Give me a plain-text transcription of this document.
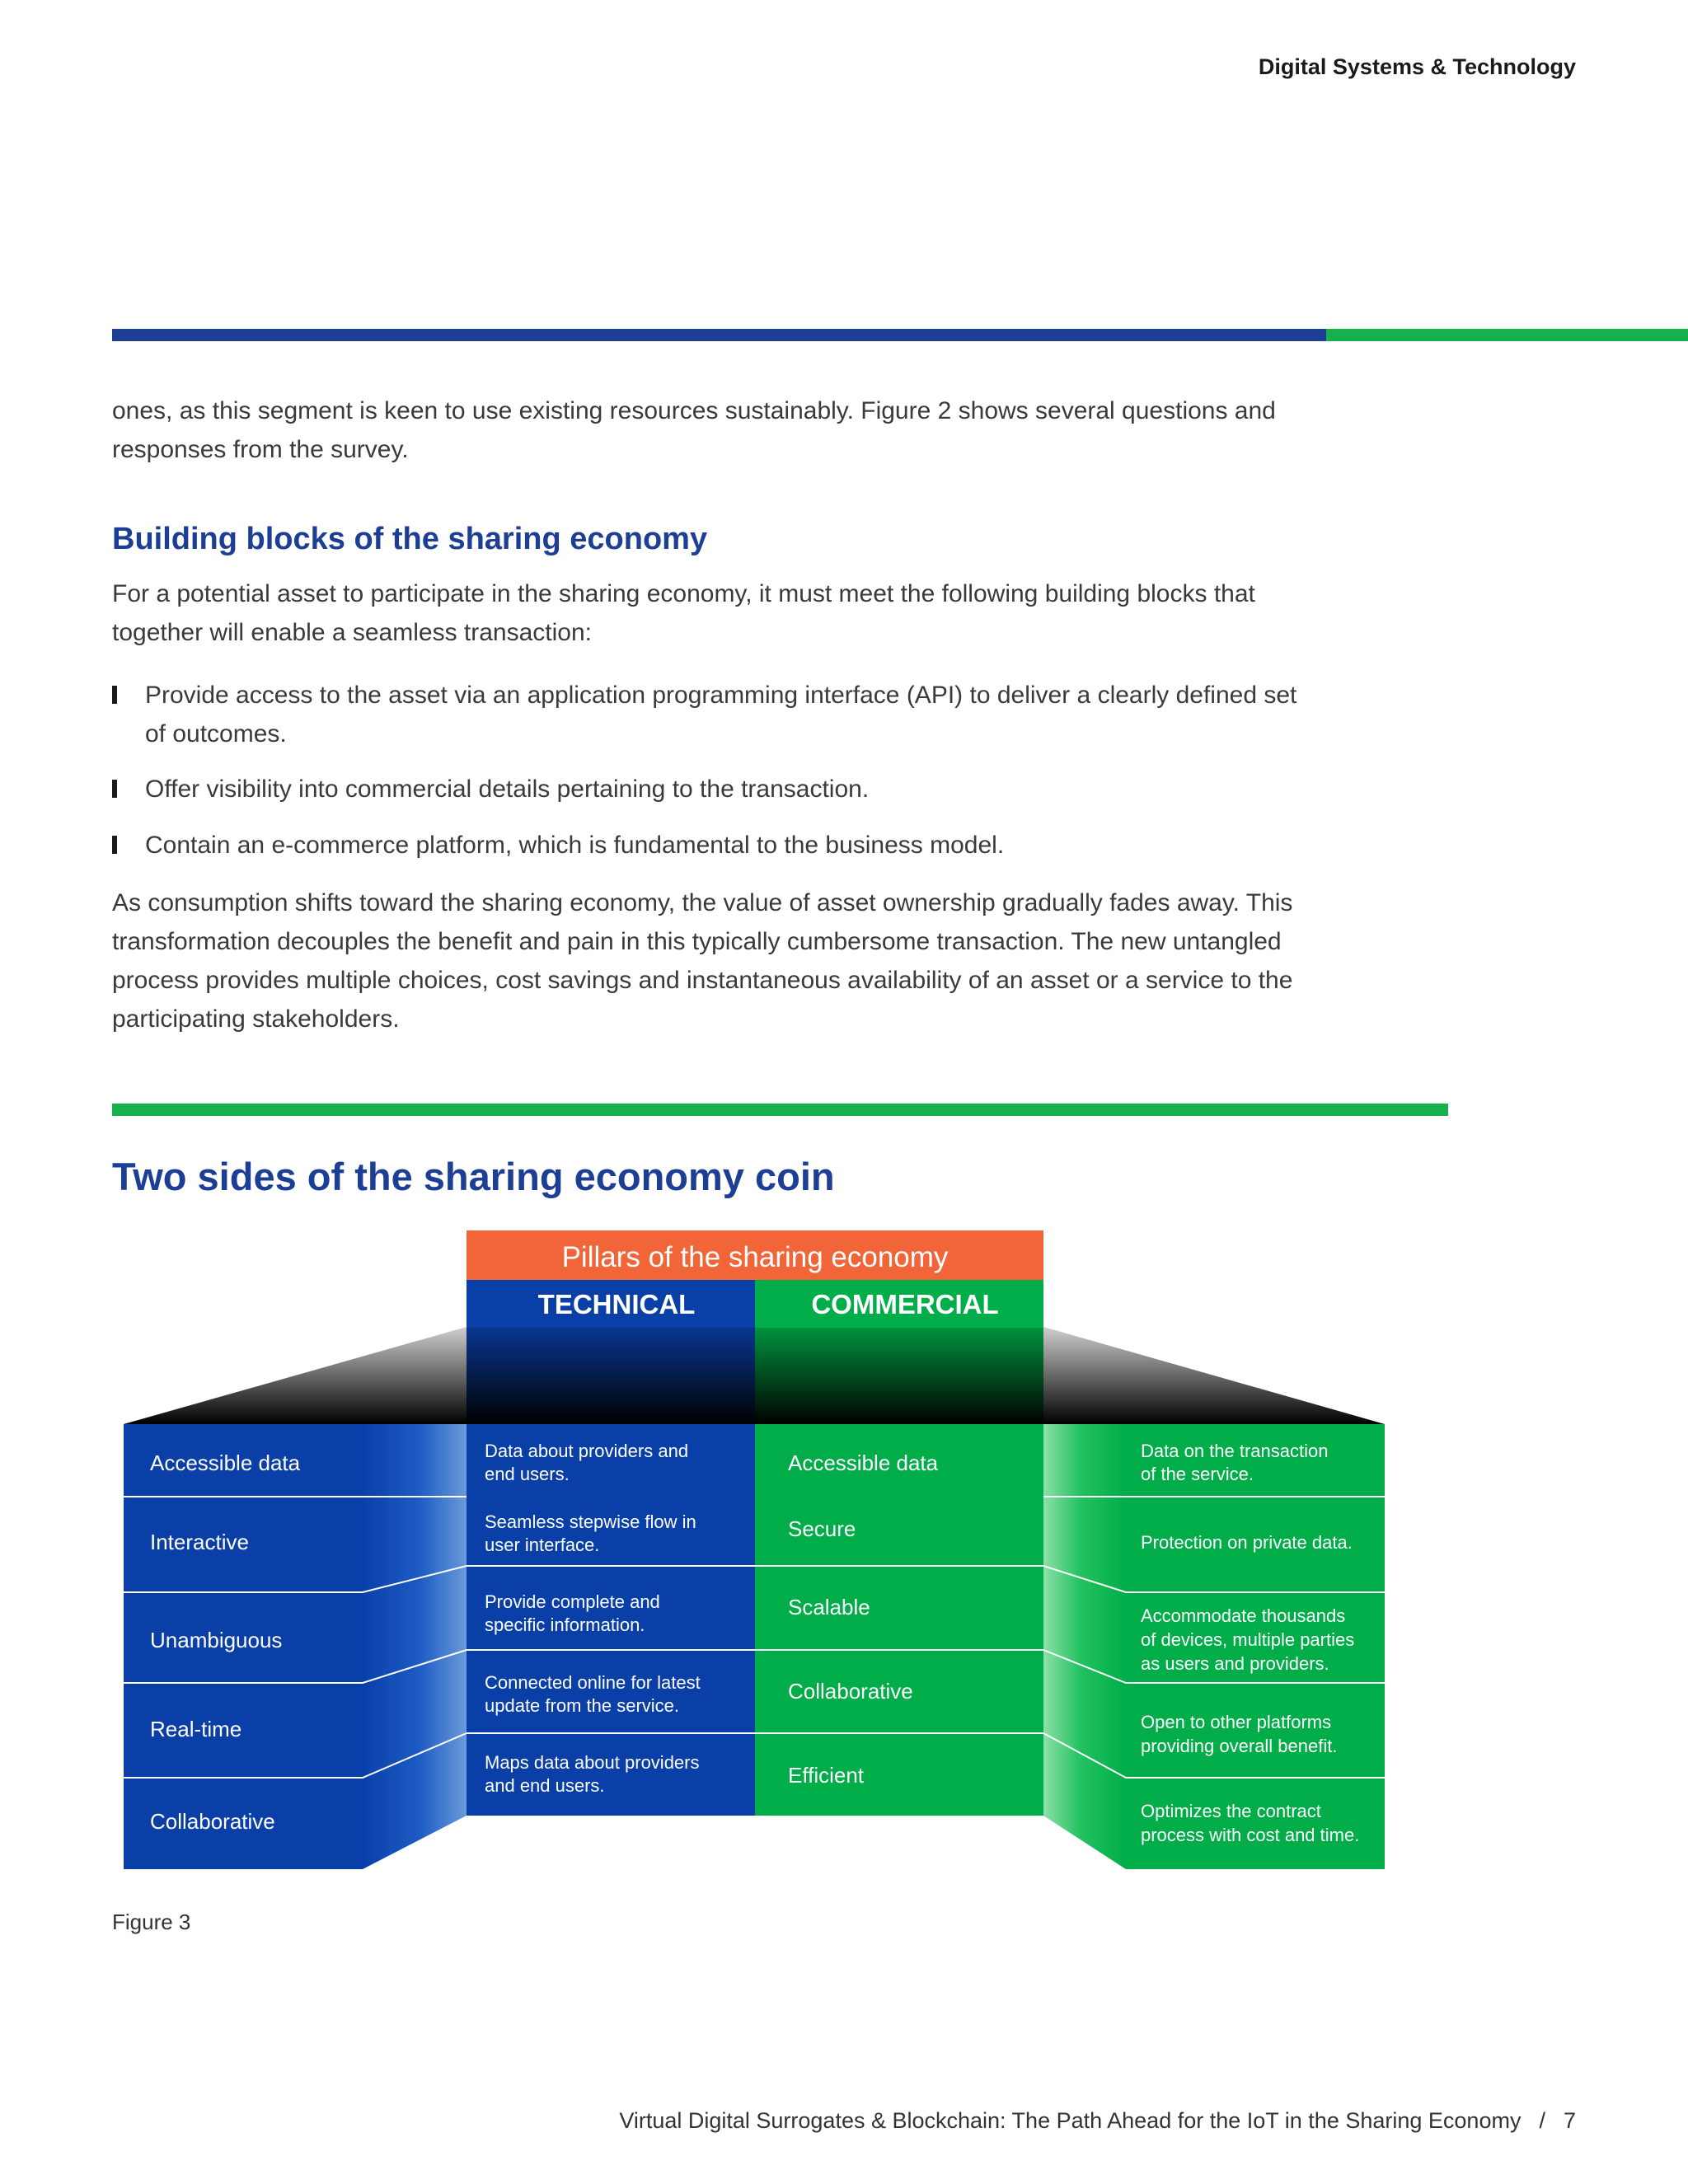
Digital Systems & Technology
ones, as this segment is keen to use existing resources sustainably. Figure 2 shows several questions and responses from the survey.
Building blocks of the sharing economy
For a potential asset to participate in the sharing economy, it must meet the following building blocks that together will enable a seamless transaction:
Provide access to the asset via an application programming interface (API) to deliver a clearly defined set of outcomes.
Offer visibility into commercial details pertaining to the transaction.
Contain an e-commerce platform, which is fundamental to the business model.
As consumption shifts toward the sharing economy, the value of asset ownership gradually fades away. This transformation decouples the benefit and pain in this typically cumbersome transaction. The new untangled process provides multiple choices, cost savings and instantaneous availability of an asset or a service to the participating stakeholders.
Two sides of the sharing economy coin
Pillars of the sharing economy
TECHNICAL	COMMERCIAL
Accessible data
Interactive
Unambiguous
Real-time
Collaborative
Data about providers and
end users.
Seamless stepwise flow in
user interface.
Provide complete and
specific information.
Connected online for latest
update from the service.
Maps data about providers
and end users.
Accessible data
Secure
Scalable
Collaborative
Efficient
Data on the transaction
of the service.
Protection on private data.
Accommodate thousands
of devices, multiple parties
as users and providers.
Open to other platforms
providing overall benefit.
Optimizes the contract
process with cost and time.
Figure 3
Virtual Digital Surrogates & Blockchain: The Path Ahead for the IoT in the Sharing Economy / 7
